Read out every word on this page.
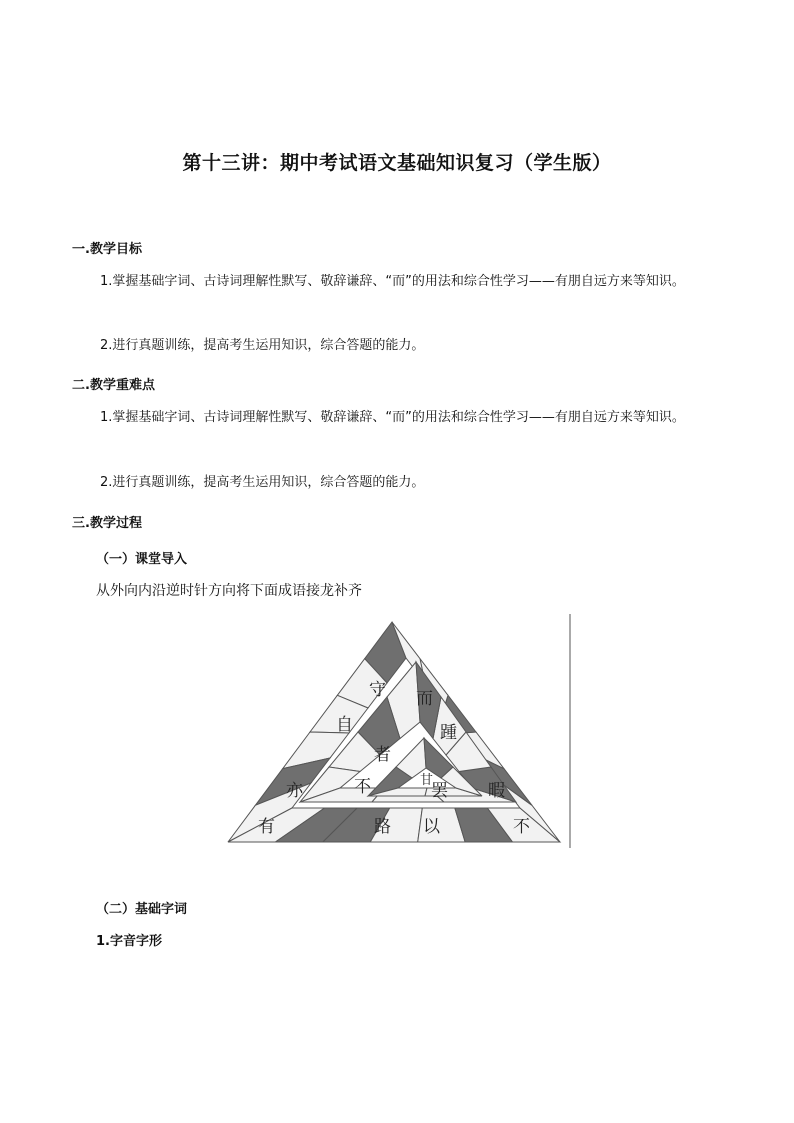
第十三讲：期中考试语文基础知识复习（学生版）
一.教学目标
1.掌握基础字词、古诗词理解性默写、敬辞谦辞、“而”的用法和综合性学习——有朋自远方来等知识。
2.进行真题训练，提高考生运用知识，综合答题的能力。
二.教学重难点
1.掌握基础字词、古诗词理解性默写、敬辞谦辞、“而”的用法和综合性学习——有朋自远方来等知识。
2.进行真题训练，提高考生运用知识，综合答题的能力。
三.教学过程
（一）课堂导入
从外向内沿逆时针方向将下面成语接龙补齐
守
自
亦
有	路 以	不
暇
踵
而
者
不	甘
罢
（二）基础字词
1.字音字形
